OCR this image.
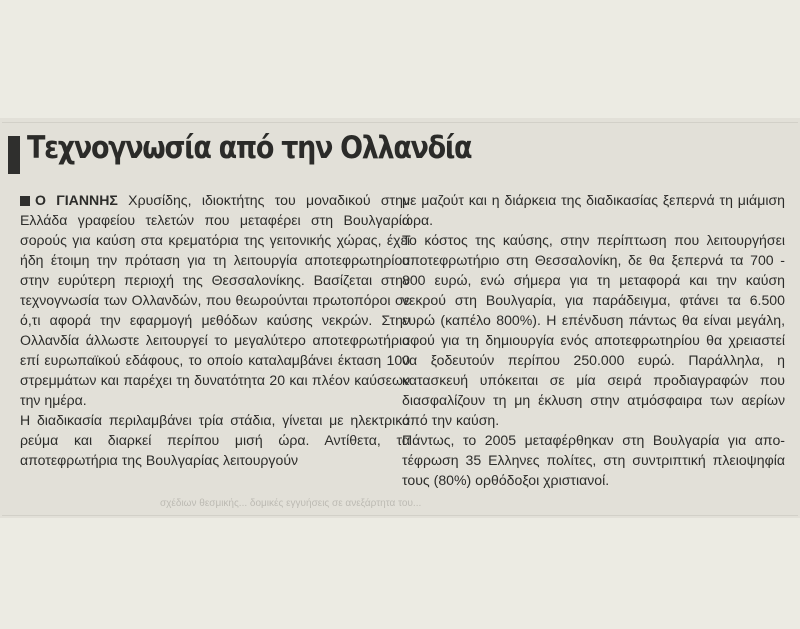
σχέδιων θεσμικής... δομικές εγγυήσεις σε ανεξάρτητα του...
Τεχνογνωσία από την Ολλανδία

Ο ΓΙΑΝΝΗΣ Χρυσίδης, ιδιοκτήτης του μοναδικού στην Ελλάδα γραφείου τελετών που μεταφέρει στη Βουλγαρία σορούς για καύση στα κρεματόρια της γειτονικής χώρας, έχει ήδη έτοιμη την πρόταση για τη λειτουργία αποτεφρωτηρίου στην ευρύτερη περιοχή της Θεσσαλονίκης. Βασίζεται στην τεχνογνωσία των Ολλανδών, που θεωρούνται πρωτοπόροι σε ό,τι αφορά την εφαρμογή μεθόδων καύσης νεκρών. Στην Ολλανδία άλλωστε λειτουργεί το μεγαλύτερο αποτεφρωτήριο επί ευρωπαϊκού εδάφους, το οποίο καταλαμβάνει έκταση 100 στρεμμάτων και παρέχει τη δυνατότητα 20 και πλέον καύσεων την ημέρα.

Η διαδικασία περιλαμβάνει τρία στάδια, γίνεται με ηλεκτρικό ρεύμα και διαρκεί περίπου μισή ώρα. Αντίθετα, τα αποτεφρωτήρια της Βουλγαρίας λειτουργούν

με μαζούτ και η διάρκεια της διαδικασίας ξεπερνά τη μιάμιση ώρα.

Το κόστος της καύσης, στην περίπτωση που λειτουργήσει αποτεφρωτήριο στη Θεσσαλονίκη, δε θα ξεπερνά τα 700 - 800 ευρώ, ενώ σήμερα για τη μεταφορά και την καύση νεκρού στη Βουλγαρία, για παράδειγμα, φτάνει τα 6.500 ευρώ (καπέλο 800%). Η επένδυση πάντως θα είναι μεγάλη, αφού για τη δημιουργία ενός αποτεφρωτηρίου θα χρειαστεί να ξοδευτούν περίπου 250.000 ευρώ. Παράλληλα, η κατασκευή υπόκειται σε μία σειρά προδιαγραφών που διασφαλίζουν τη μη έκλυση στην ατμόσφαιρα των αερίων από την καύση.

Πάντως, το 2005 μεταφέρθηκαν στη Βουλγαρία για αποτέφρωση 35 Ελληνες πολίτες, στη συντριπτική πλειοψηφία τους (80%) ορθόδοξοι χριστιανοί.
